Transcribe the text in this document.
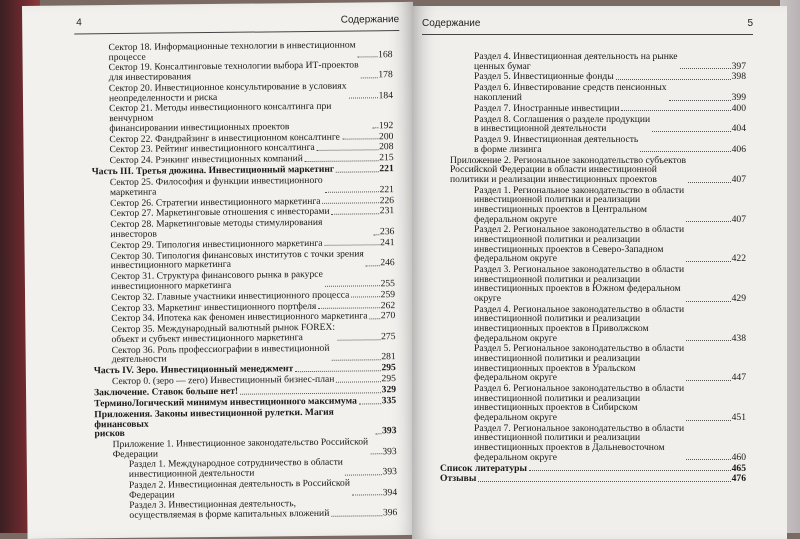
4	Содержание
Сектор 18. Информационные технологии в инвестиционном
процессе	168
Сектор 19. Консалтинговые технологии выбора ИТ-проектов
для инвестирования	178
Сектор 20. Инвестиционное консультирование в условиях
неопределенности и риска	184
Сектор 21. Методы инвестиционного консалтинга при венчурном
финансировании инвестиционных проектов	192
Сектор 22. Фандрайзинг в инвестиционном консалтинге	200
Сектор 23. Рейтинг инвестиционного консалтинга	208
Сектор 24. Рэнкинг инвестиционных компаний	215
Часть III. Третья дюжина. Инвестиционный маркетинг	221
Сектор 25. Философия и функции инвестиционного
маркетинга	221
Сектор 26. Стратегии инвестиционного маркетинга	226
Сектор 27. Маркетинговые отношения с инвесторами	231
Сектор 28. Маркетинговые методы стимулирования инвесторов	236
Сектор 29. Типология инвестиционного маркетинга	241
Сектор 30. Типология финансовых институтов с точки зрения
инвестиционного маркетинга	246
Сектор 31. Структура финансового рынка в ракурсе
инвестиционного маркетинга	255
Сектор 32. Главные участники инвестиционного процесса	259
Сектор 33. Маркетинг инвестиционного портфеля	262
Сектор 34. Ипотека как феномен инвестиционного маркетинга 270
Сектор 35. Международный валютный рынок FOREX:
объект и субъект инвестиционного маркетинга	275
Сектор 36. Роль профессиографии в инвестиционной
деятельности	281
Часть IV. Зеро. Инвестиционный менеджмент	295
Сектор 0. (зеро — zero) Инвестиционный бизнес-план	295
Заключение. Ставок больше нет!	329
ТерминоЛогический минимум инвестиционного максимума	335
Приложения. Законы инвестиционной рулетки. Магия финансовых
рисков	393
Приложение 1. Инвестиционное законодательство Российской
Федерации	393
Раздел 1. Международное сотрудничество в области
инвестиционной деятельности	393
Раздел 2. Инвестиционная деятельность в Российской
Федерации	394
Раздел 3. Инвестиционная деятельность,
осуществляемая в форме капитальных вложений	396
Содержание	5
Раздел 4. Инвестиционная деятельность на рынке
ценных бумаг	397
Раздел 5. Инвестиционные фонды	398
Раздел 6. Инвестирование средств пенсионных
накоплений	399
Раздел 7. Иностранные инвестиции	400
Раздел 8. Соглашения о разделе продукции
в инвестиционной деятельности	404
Раздел 9. Инвестиционная деятельность
в форме лизинга	406
Приложение 2. Региональное законодательство субъектов
Российской Федерации в области инвестиционной
политики и реализации инвестиционных проектов	407
Раздел 1. Региональное законодательство в области
инвестиционной политики и реализации
инвестиционных проектов в Центральном
федеральном округе	407
Раздел 2. Региональное законодательство в области
инвестиционной политики и реализации
инвестиционных проектов в Северо-Западном
федеральном округе	422
Раздел 3. Региональное законодательство в области
инвестиционной политики и реализации
инвестиционных проектов в Южном федеральном
округе	429
Раздел 4. Региональное законодательство в области
инвестиционной политики и реализации
инвестиционных проектов в Приволжском
федеральном округе	438
Раздел 5. Региональное законодательство в области
инвестиционной политики и реализации
инвестиционных проектов в Уральском
федеральном округе	447
Раздел 6. Региональное законодательство в области
инвестиционной политики и реализации
инвестиционных проектов в Сибирском
федеральном округе	451
Раздел 7. Региональное законодательство в области
инвестиционной политики и реализации
инвестиционных проектов в Дальневосточном
федеральном округе	460
Список литературы	465
Отзывы	476
